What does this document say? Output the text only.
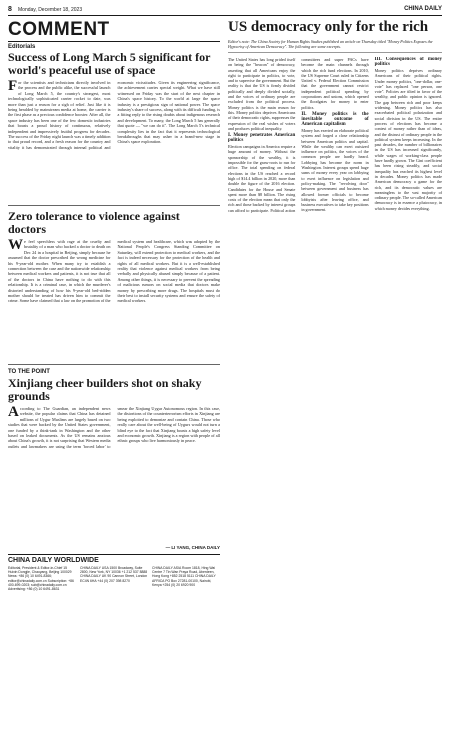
8 Monday, December 18, 2023	CHINA DAILY
COMMENT
Editorials
Success of Long March 5 significant for world's peaceful use of space
For the scientists and technicians directly involved in the process and the public alike, the successful launch of Long March 5, the country's strongest, most technologically sophisticated carrier rocket to date, was more than just a reason for a sigh of relief. Just like it is being heralded by mainstream media at home, the carrier is the first phase as a precious confidence booster. After all, the space industry has been one of the few domestic industries that boasts a proud history of continuous, relatively independent and impressively fruitful progress for decades. The success of the Friday night launch was a timely addition to that proud record, and a fresh reason for the country and vitality it has demonstrated through internal political and economic vicissitudes. Given its engineering significance, the achievement carries special weight. What we have still witnessed on Friday was the start of the next chapter in China's space history. To the world at large the space industry is a prestigious sign of national power. The space industry's share of success, along with its difficult funding, is a fitting reply to the rising doubts about indigenous research and development. To many, the Long March 5 has generally that quote — "we can do it". The Long March 5's technical complexity lies in the fact that it represents technological breakthroughs that may usher in a brand-new stage in China's space exploration.
Zero tolerance to violence against doctors
We feel speechless with rage at the cruelty and brutality of a man who hacked a doctor to death on Dec 24 in a hospital in Beijing, simply because he assumed that the doctor prescribed the wrong medicine for his 9-year-old mother. When many try to establish a connection between the case and the nationwide relationship between medical workers and patients, it is not true that all of the doctors in China have nothing to do with this relationship. It is a criminal case, in which the murderer's distorted understanding of how his 9-year-old bed-ridden mother should be treated has driven him to commit the crime. Some have claimed that a law on the promotion of the medical system and healthcare, which was adopted by the National People's Congress Standing Committee on Saturday, will extend protection to medical workers, and the fact is indeed necessary for the protection of the health and rights of all medical workers. But it is a well-established reality that violence against medical workers from being verbally and physically abused simply because of a patient. Among other things, it is necessary to prevent the spreading of malicious rumors on social media that doctors make money by prescribing more drugs. The hospitals must do their best to install security systems and ensure the safety of medical workers.
TO THE POINT
Xinjiang cheer builders shot on shaky grounds
According to The Guardian, an independent news website, the popular claims that China has detained millions of Uygur Muslims are largely based on two studies that were backed by the United States government, one funded by a think-tank in Washington and the other based on leaked documents. As the US remains anxious about China's growth, it is not surprising that Western media outlets and lawmakers are using the term 'forced labor' to smear the Xinjiang Uygur Autonomous region. In this case, the distortions of the counterterrorism efforts in Xinjiang are being exploited to demonize and contain China. Those who really care about the well-being of Uygurs would not turn a blind eye to the fact that Xinjiang boasts a high safety level and economic growth. Xinjiang is a region with people of all ethnic groups who live harmoniously in peace.
— LI YANG, CHINA DAILY
CHINA DAILY WORLDWIDE
Editorial, President & Editor-in-Chief 15 Huixin Dongjie, Chaoyang, Beijing 100029 News: +86 (0) 10 6491-8366; editor@chinadaily.com.cn Subscription: +86 400-699-0203; sub@chinadaily.com.cn Advertising: +86 (0) 10 6491-8631
CHINA DAILY USA 1500 Broadway, Suite 2800, New York, NY 10036 +1 212 537 8888 CHINA DAILY UK 90 Cannon Street, London EC4N 6HA +44 (0) 207 398 8270
CHINA DAILY ASIA Room 1818, Hing Wai Centre 7 Tin Wan Praya Road, Aberdeen, Hong Kong +852 2518 5111 CHINA DAILY AFRICA PO Box 27281-00100, Nairobi, Kenya +254 (0) 20 6920 900
US democracy only for the rich
Editor's note: The China Society for Human Rights Studies published an article on Thursday titled "Money Politics Exposes the Hypocrisy of American Democracy". The following are some excerpts.

The United States has long prided itself on being the "beacon" of democracy, asserting that all Americans enjoy the right to participate in politics, to vote, and to supervise the government. But the reality is that the US is firmly divided politically and deeply divided socially, and the voices of ordinary people are excluded from the political process. Money politics is the main reason for this. Money politics deprives Americans of their democratic rights, suppresses the expression of the real wishes of voters and produces political inequality.

I. Money penetrates American politics

Election campaigns in America require a huge amount of money. Without the sponsorship of the wealthy, it is impossible for the grass-roots to run for office. The total spending on federal elections in the US reached a record high of $14.4 billion in 2020, more than double the figure of the 2016 election. Candidates for the House and Senate spent more than $8 billion. The rising costs of the election mean that only the rich and those backed by interest groups can afford to participate. Political action committees and super PACs have become the main channels through which the rich fund elections. In 2010, the US Supreme Court ruled in Citizens United v. Federal Election Commission that the government cannot restrict independent political spending by corporations and unions, which opened the floodgates for money to enter politics.

II. Money politics is the inevitable outcome of American capitalism

Money has exerted an elaborate political system and forged a close relationship between American politics and capital. While the wealthy can exert outsized influence on politics, the voices of the common people are hardly heard. Lobbying has become the norm in Washington. Interest groups spend huge sums of money every year on lobbying to exert influence on legislation and policy-making. The "revolving door" between government and business has allowed former officials to become lobbyists after leaving office, and business executives to take key positions in government.

III. Consequences of money politics

Money politics deprives ordinary Americans of their political rights. Under money politics, "one-dollar, one-vote" has replaced "one person, one vote". Policies are tilted in favor of the wealthy, and public opinion is ignored. The gap between rich and poor keeps widening. Money politics has also exacerbated political polarization and social division in the US. The entire process of elections has become a contest of money rather than of ideas, and the distrust of ordinary people in the political system keeps increasing. In the past decades, the number of billionaires in the US has increased significantly, while wages of working-class people have hardly grown. The Gini coefficient has been rising steadily, and social inequality has reached its highest level in decades. Money politics has made American democracy a game for the rich, and its democratic values are meaningless to the vast majority of ordinary people. The so-called American democracy is in essence a plutocracy, in which money decides everything.
